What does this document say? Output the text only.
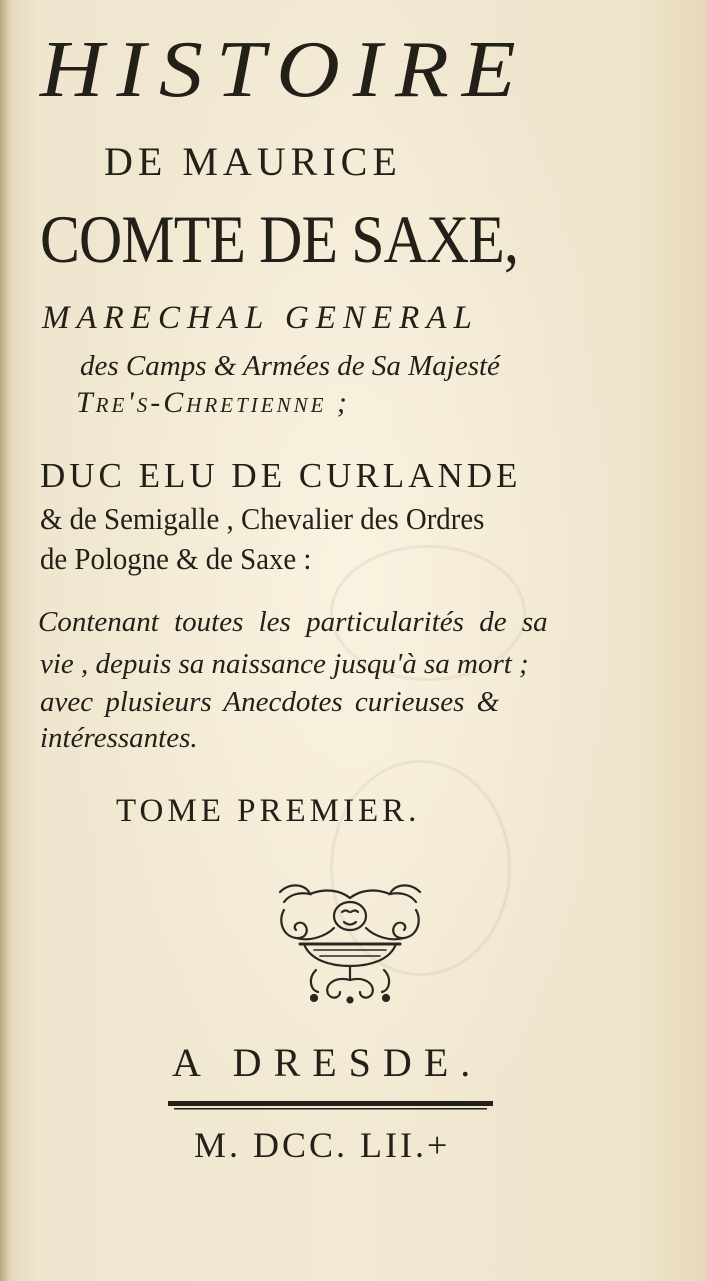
HISTOIRE
DE MAURICE
COMTE DE SAXE,
MARECHAL GENERAL
des Camps & Armées de Sa Majesté
Tre's-Chretienne ;
DUC ELU DE CURLANDE
& de Semigalle , Chevalier des Ordres
de Pologne & de Saxe :
Contenant toutes les particularités de sa
vie , depuis sa naissance jusqu'à sa mort ;
avec plusieurs Anecdotes curieuses &
intéressantes.
TOME PREMIER.
A DRESDE.
M. DCC. LII.+
